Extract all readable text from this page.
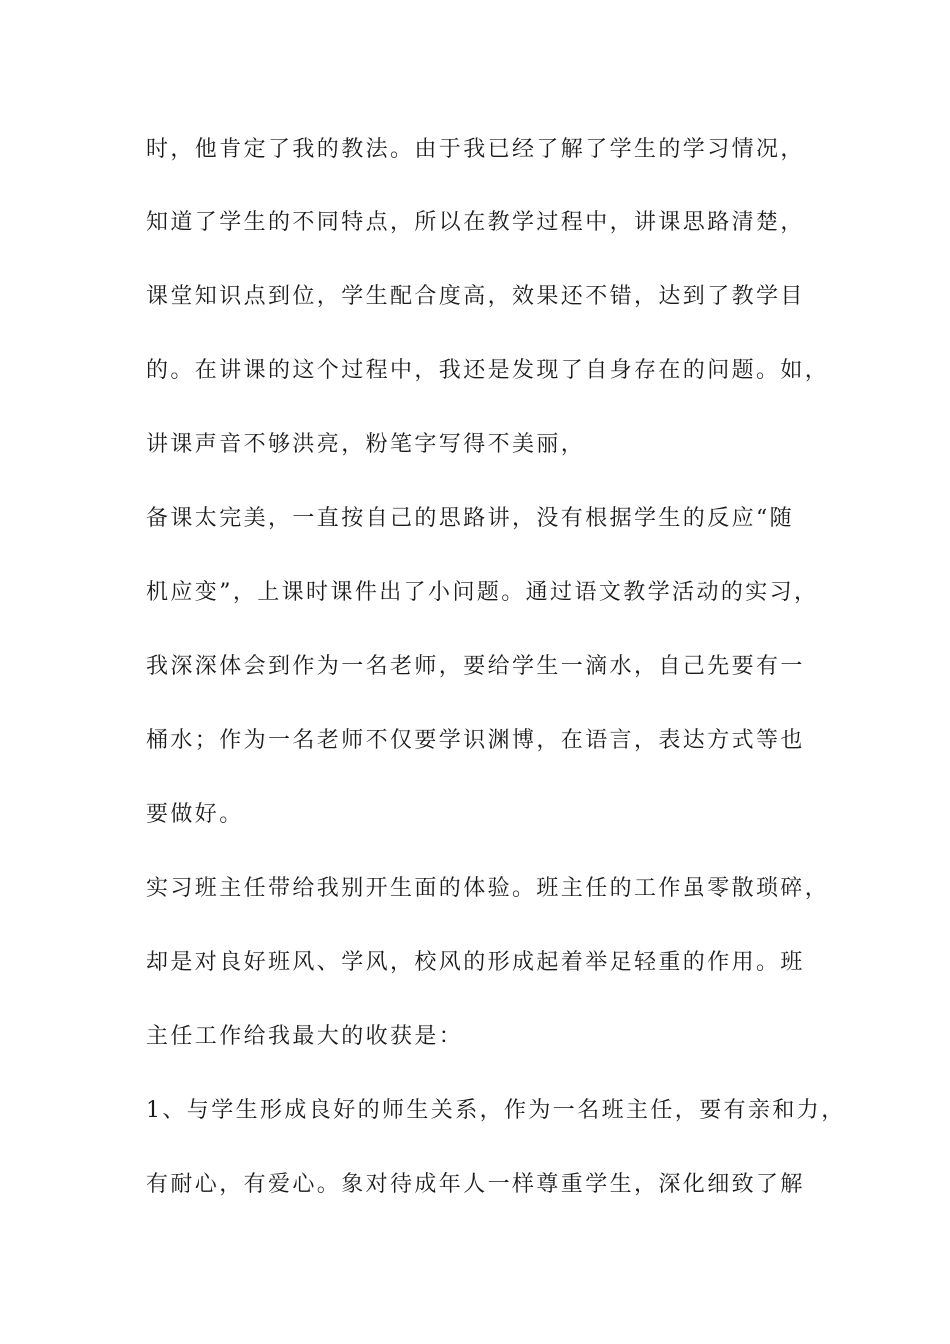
时，他肯定了我的教法。由于我已经了解了学生的学习情况，
知道了学生的不同特点，所以在教学过程中，讲课思路清楚，
课堂知识点到位，学生配合度高，效果还不错，达到了教学目
的。在讲课的这个过程中，我还是发现了自身存在的问题。如，
讲课声音不够洪亮，粉笔字写得不美丽，
备课太完美，一直按自己的思路讲，没有根据学生的反应“随
机应变”，上课时课件出了小问题。通过语文教学活动的实习，
我深深体会到作为一名老师，要给学生一滴水，自己先要有一
桶水；作为一名老师不仅要学识渊博，在语言，表达方式等也
要做好。
实习班主任带给我别开生面的体验。班主任的工作虽零散琐碎，
却是对良好班风、学风，校风的形成起着举足轻重的作用。班
主任工作给我最大的收获是：
1、与学生形成良好的师生关系，作为一名班主任，要有亲和力，
有耐心，有爱心。象对待成年人一样尊重学生，深化细致了解
